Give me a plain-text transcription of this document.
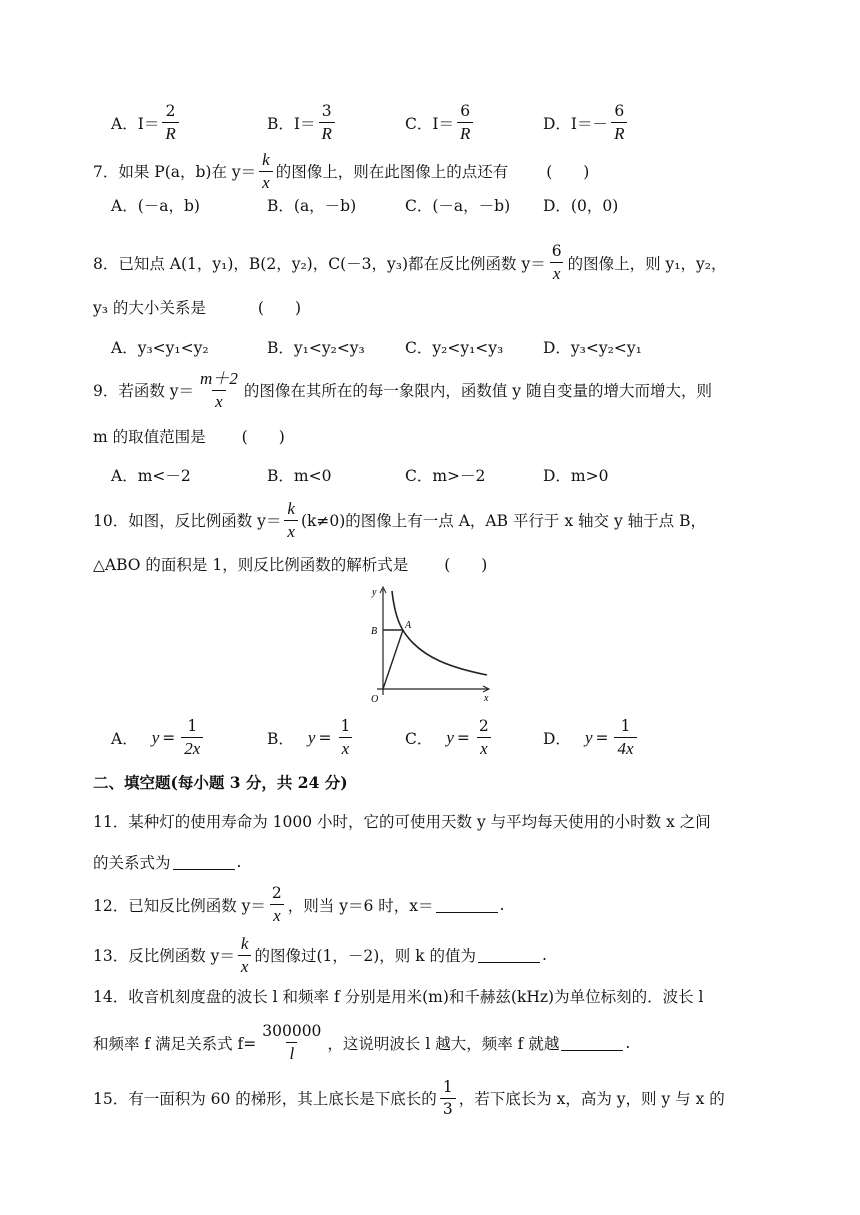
A．$I= \frac{2}{R}$	B．$I= \frac{3}{R}$	C．$I= \frac{6}{R}$	D．$I=- \frac{6}{R}$
7．如果 P(a，b)在 $y= \frac{k}{x}$ 的图像上，则在此图像上的点还有 (　　)
A．(－a，b)	B．(a，－b)	C．(－a，－b) D．(0，0)
8．已知点 A(1，y₁)，B(2，y₂)，C(－3，y₃)都在反比例函数 $y= \frac{6}{x}$ 的图像上，则 y₁，y₂，
y₃ 的大小关系是	(　　)
A．y₃<y₁<y₂	B．y₁<y₂<y₃	C．y₂<y₁<y₃	D．y₃<y₂<y₁
9．若函数 $y= \frac{m+2}{x}$ 的图像在其所在的每一象限内，函数值 y 随自变量的增大而增大，则
m 的取值范围是 (　　)
A．m<－2	B．m<0	C．m>－2	D．m>0
10．如图，反比例函数 $y= \frac{k}{x} (k\ne 0)$的图像上有一点 A，AB 平行于 x 轴交 y 轴于点 B，
△ABO 的面积是 1，则反比例函数的解析式是 (　　)
y
x
B
A
O
A． $y = \frac{1}{2x}$	B． $y = \frac{1}{x}$	C． $y = \frac{2}{x}$	D． $y = \frac{1}{4x}$
二、填空题(每小题 3 分，共 24 分)
11．某种灯的使用寿命为 1000 小时，它的可使用天数 y 与平均每天使用的小时数 x 之间
的关系式为	.
12．已知反比例函数 $y= \frac{2}{x}$ ，则当 y＝6 时，x＝	.
13．反比例函数 $y= \frac{k}{x}$ 的图像过(1，－2)，则 k 的值为	.
14．收音机刻度盘的波长 l 和频率 f 分别是用米(m)和千赫兹(kHz)为单位标刻的．波长 l
和频率 f 满足关系式 $f= \frac{300000}{l}$ ，这说明波长 l 越大，频率 f 就越	.
15．有一面积为 60 的梯形，其上底长是下底长的 $\frac{1}{3}$ ，若下底长为 x，高为 y，则 y 与 x 的
